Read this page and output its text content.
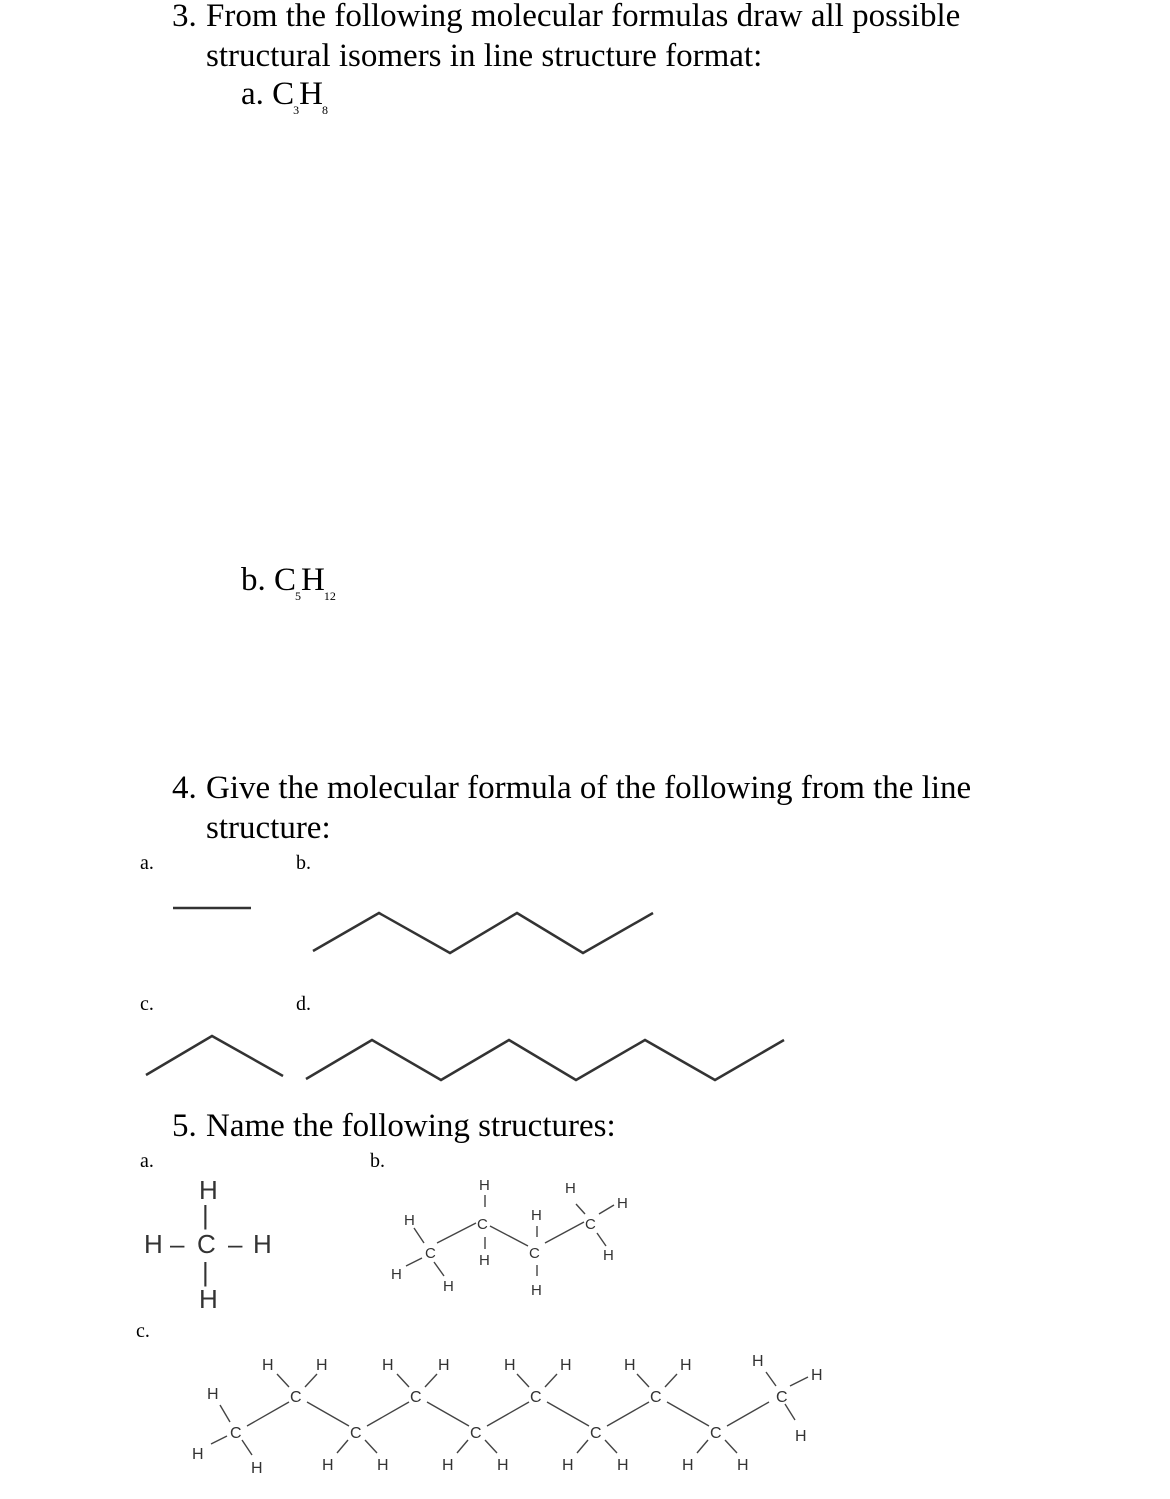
3. From the following molecular formulas draw all possible
structural isomers in line structure format:
a. $C_3H_8$
b. $C_5H_{12}$
4. Give the molecular formula of the following from the line
structure:
a.	b.
c.	d.
5. Name the following structures:
a.	b.
c.
H
|
H – C – H
|
H
C
C
C
C
H
H
H
H
H
H
H
H
H
H
C
C
C
C
C
C
C
C
C
C
H
H
H
H	H	H	H	H	H	H	H	H
H
H
H	H	H	H	H	H	H	H
